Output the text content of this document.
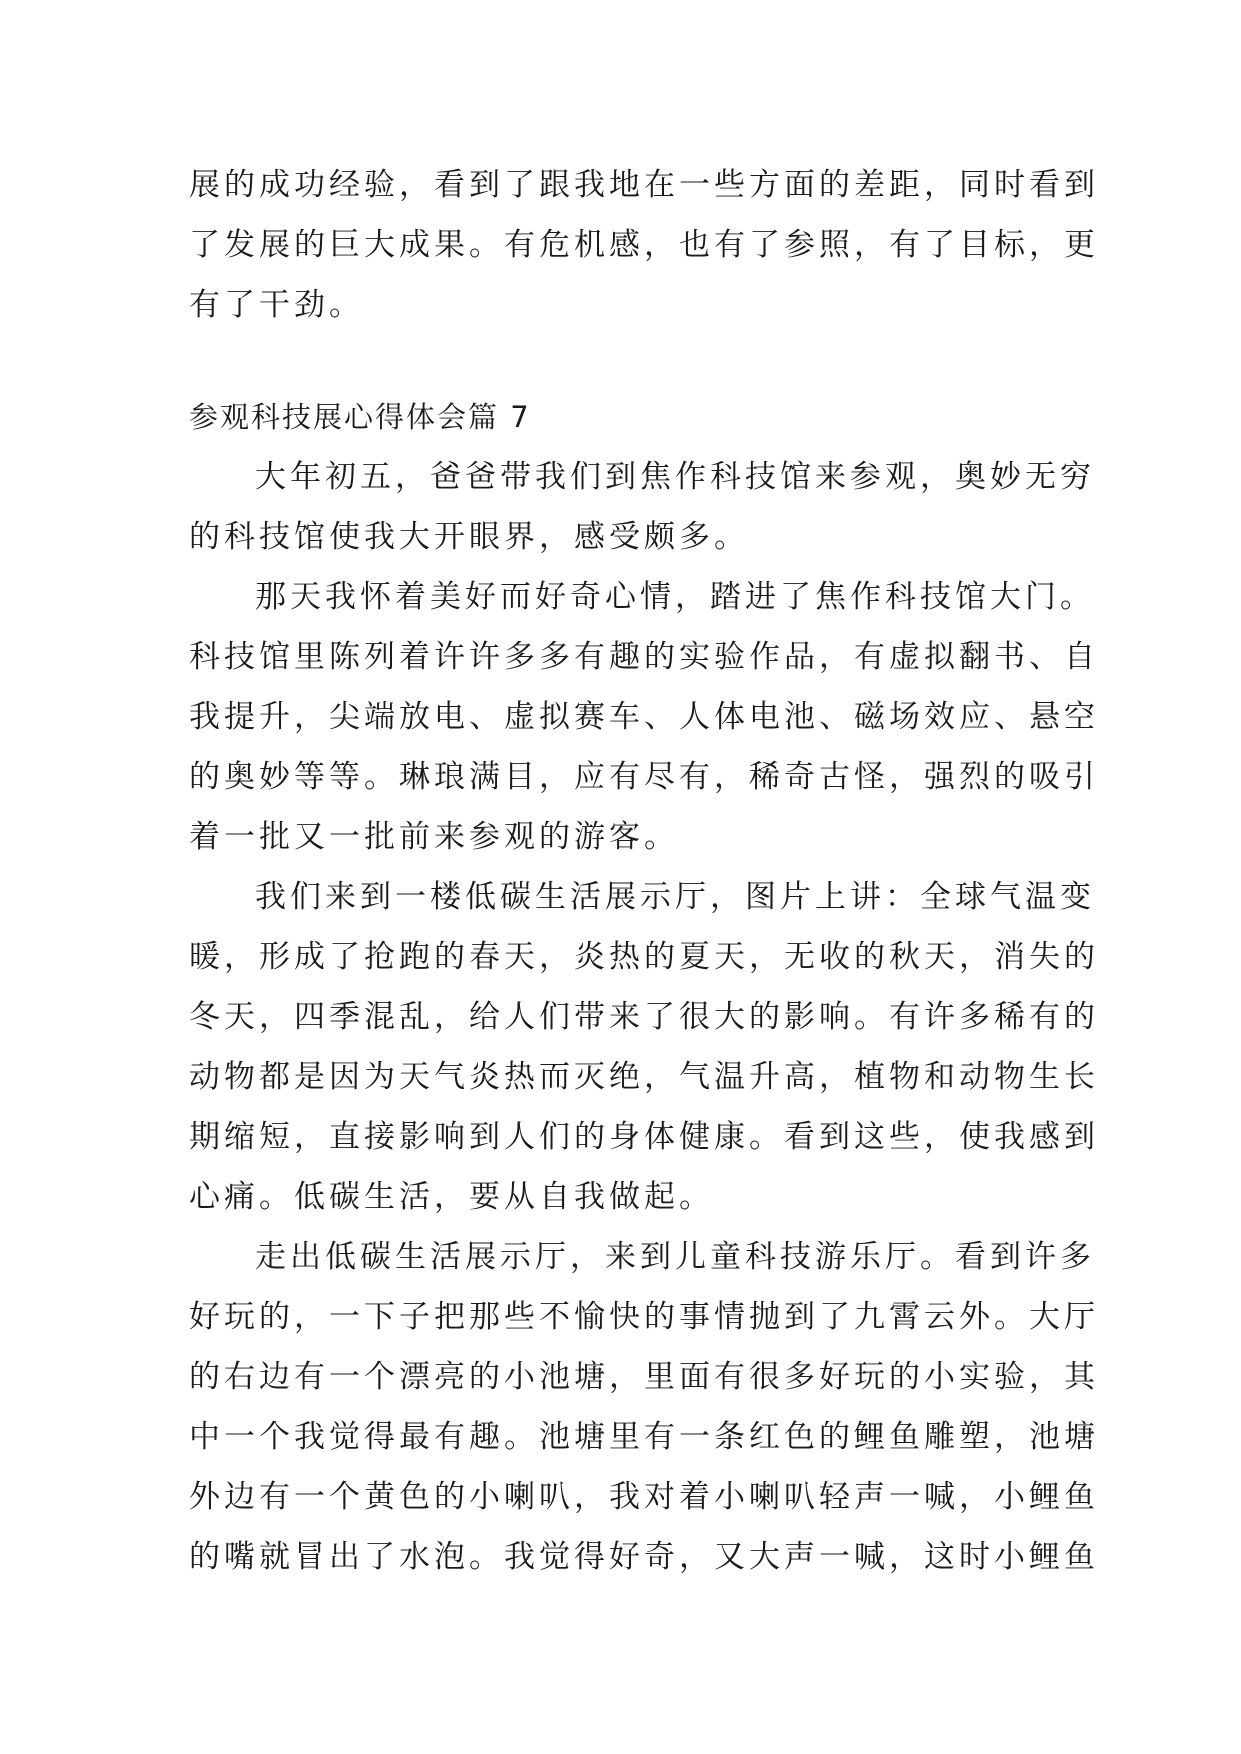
展的成功经验，看到了跟我地在一些方面的差距，同时看到
了发展的巨大成果。有危机感，也有了参照，有了目标，更
有了干劲。
参观科技展心得体会篇 7
大年初五，爸爸带我们到焦作科技馆来参观，奥妙无穷
的科技馆使我大开眼界，感受颇多。
那天我怀着美好而好奇心情，踏进了焦作科技馆大门。
科技馆里陈列着许许多多有趣的实验作品，有虚拟翻书、自
我提升，尖端放电、虚拟赛车、人体电池、磁场效应、悬空
的奥妙等等。琳琅满目，应有尽有，稀奇古怪，强烈的吸引
着一批又一批前来参观的游客。
我们来到一楼低碳生活展示厅，图片上讲：全球气温变
暖，形成了抢跑的春天，炎热的夏天，无收的秋天，消失的
冬天，四季混乱，给人们带来了很大的影响。有许多稀有的
动物都是因为天气炎热而灭绝，气温升高，植物和动物生长
期缩短，直接影响到人们的身体健康。看到这些，使我感到
心痛。低碳生活，要从自我做起。
走出低碳生活展示厅，来到儿童科技游乐厅。看到许多
好玩的，一下子把那些不愉快的事情抛到了九霄云外。大厅
的右边有一个漂亮的小池塘，里面有很多好玩的小实验，其
中一个我觉得最有趣。池塘里有一条红色的鲤鱼雕塑，池塘
外边有一个黄色的小喇叭，我对着小喇叭轻声一喊，小鲤鱼
的嘴就冒出了水泡。我觉得好奇，又大声一喊，这时小鲤鱼
